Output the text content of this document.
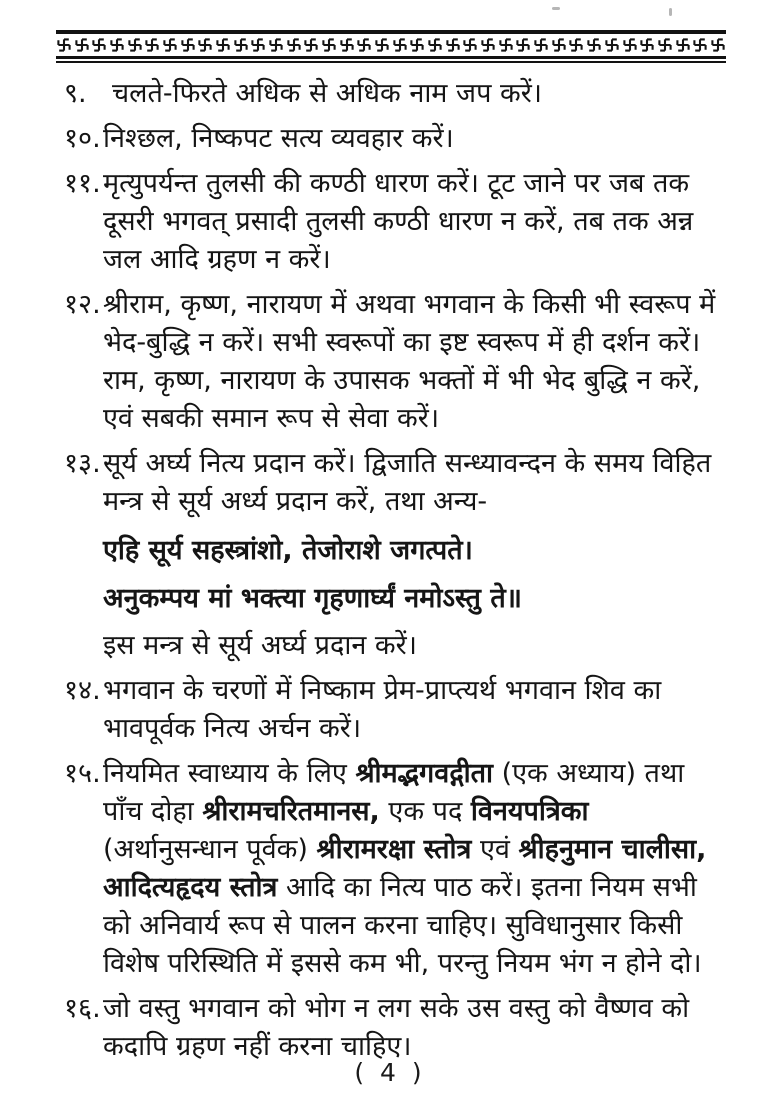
९. चलते-फिरते अधिक से अधिक नाम जप करें।
१०. निश्छल, निष्कपट सत्य व्यवहार करें।
११. मृत्युपर्यन्त तुलसी की कण्ठी धारण करें। टूट जाने पर जब तक दूसरी भगवत् प्रसादी तुलसी कण्ठी धारण न करें, तब तक अन्न जल आदि ग्रहण न करें।
१२. श्रीराम, कृष्ण, नारायण में अथवा भगवान के किसी भी स्वरूप में भेद-बुद्धि न करें। सभी स्वरूपों का इष्ट स्वरूप में ही दर्शन करें। राम, कृष्ण, नारायण के उपासक भक्तों में भी भेद बुद्धि न करें, एवं सबकी समान रूप से सेवा करें।
१३. सूर्य अर्घ्य नित्य प्रदान करें। द्विजाति सन्ध्यावन्दन के समय विहित मन्त्र से सूर्य अर्ध्य प्रदान करें, तथा अन्य-

एहि सूर्य सहस्त्रांशो, तेजोराशे जगत्पते।

अनुकम्पय मां भक्त्या गृहणार्घ्यं नमोऽस्तु ते॥

इस मन्त्र से सूर्य अर्घ्य प्रदान करें।

१४. भगवान के चरणों में निष्काम प्रेम-प्राप्त्यर्थ भगवान शिव का भावपूर्वक नित्य अर्चन करें।
१५. नियमित स्वाध्याय के लिए श्रीमद्भगवद्गीता (एक अध्याय) तथा पाँच दोहा श्रीरामचरितमानस, एक पद विनयपत्रिका (अर्थानुसन्धान पूर्वक) श्रीरामरक्षा स्तोत्र एवं श्रीहनुमान चालीसा, आदित्यहृदय स्तोत्र आदि का नित्य पाठ करें। इतना नियम सभी को अनिवार्य रूप से पालन करना चाहिए। सुविधानुसार किसी विशेष परिस्थिति में इससे कम भी, परन्तु नियम भंग न होने दो।
१६. जो वस्तु भगवान को भोग न लग सके उस वस्तु को वैष्णव को कदापि ग्रहण नहीं करना चाहिए।
( 4 )
